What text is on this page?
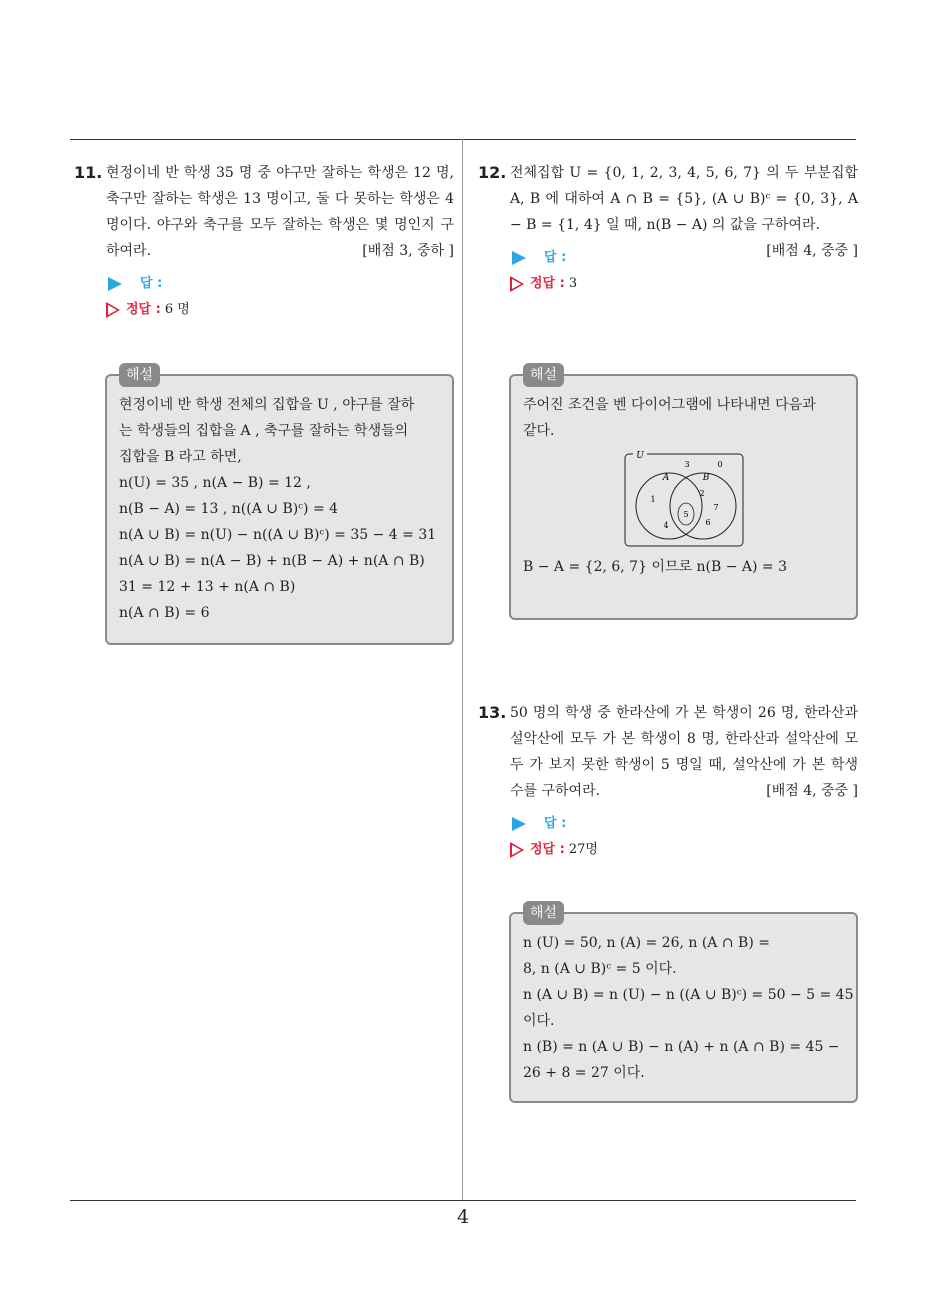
11. 현정이네 반 학생 35 명 중 야구만 잘하는 학생은 12 명, 축구만 잘하는 학생은 13 명이고, 둘 다 못하는 학생은 4 명이다. 야구와 축구를 모두 잘하는 학생은 몇 명인지 구하여라.	[배점 3, 중하 ]
답 :
정답 : 6 명
해설
현정이네 반 학생 전체의 집합을 U , 야구를 잘하
는 학생들의 집합을 A , 축구를 잘하는 학생들의
집합을 B 라고 하면,
n(U) = 35 , n(A − B) = 12 ,
n(B − A) = 13 , n((A ∪ B)ᶜ) = 4
n(A ∪ B) = n(U) − n((A ∪ B)ᶜ) = 35 − 4 = 31
n(A ∪ B) = n(A − B) + n(B − A) + n(A ∩ B)
31 = 12 + 13 + n(A ∩ B)
n(A ∩ B) = 6
12. 전체집합 U = {0, 1, 2, 3, 4, 5, 6, 7} 의 두 부분집합 A, B 에 대하여 A ∩ B = {5}, (A ∪ B)ᶜ = {0, 3}, A − B = {1, 4} 일 때, n(B − A) 의 값을 구하여라.
[배점 4, 중중 ]
답 :
정답 : 3
해설
주어진 조건을 벤 다이어그램에 나타내면 다음과
같다.
U
A	B
3	0
1
4
5
2
7
6
B − A = {2, 6, 7} 이므로 n(B − A) = 3
13. 50 명의 학생 중 한라산에 가 본 학생이 26 명, 한라산과 설악산에 모두 가 본 학생이 8 명, 한라산과 설악산에 모두 가 보지 못한 학생이 5 명일 때, 설악산에 가 본 학생 수를 구하여라.	[배점 4, 중중 ]
답 :
정답 : 27명
해설
n (U) = 50, n (A) = 26, n (A ∩ B) =
8, n (A ∪ B)ᶜ = 5 이다.
n (A ∪ B) = n (U) − n ((A ∪ B)ᶜ) = 50 − 5 = 45
이다.
n (B) = n (A ∪ B) − n (A) + n (A ∩ B) = 45 −
26 + 8 = 27 이다.
4
